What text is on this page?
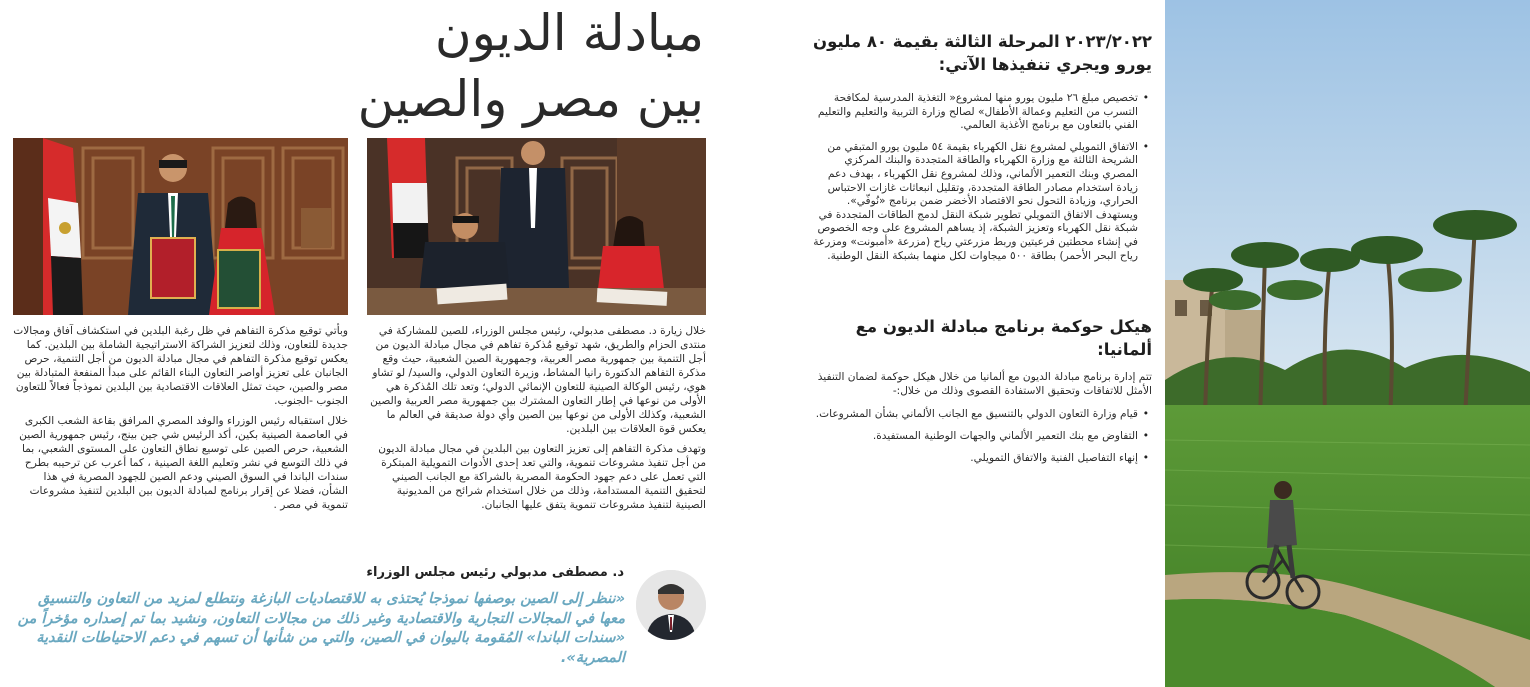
مبادلة الديون
بين مصر والصين

وبأتي توقيع مذكرة التفاهم في ظل رغبة البلدين في استكشاف آفاق ومجالات جديدة للتعاون، وذلك لتعزيز الشراكة الاستراتيجية الشاملة بين البلدين. كما يعكس توقيع مذكرة التفاهم في مجال مبادلة الديون من أجل التنمية، حرص الجانبان على تعزيز أواصر التعاون البناء القائم على مبدأ المنفعة المتبادلة بين مصر والصين، حيث تمثل العلاقات الاقتصادية بين البلدين نموذجاً فعالاً للتعاون الجنوب -الجنوب.

خلال استقباله رئيس الوزراء والوفد المصري المرافق بقاعة الشعب الكبرى في العاصمة الصينية بكين، أكد الرئيس شي جين بينج، رئيس جمهورية الصين الشعبية، حرص الصين على توسيع نطاق التعاون على المستوى الشعبي، بما في ذلك التوسع في نشر وتعليم اللغة الصينية ، كما أعرب عن ترحيبه بطرح سندات الباندا في السوق الصيني ودعم الصين للجهود المصرية في هذا الشأن، فضلا عن إقرار برنامج لمبادلة الديون بين البلدين لتنفيذ مشروعات تنموية في مصر .

خلال زيارة د. مصطفى مدبولي، رئيس مجلس الوزراء، للصين للمشاركة في منتدى الحزام والطريق، شهد توقيع مُذكرة تفاهم في مجال مبادلة الديون من أجل التنمية بين جمهورية مصر العربية، وجمهورية الصين الشعبية، حيث وقع مذكرة التفاهم الدكتورة رانيا المشاط، وزيرة التعاون الدولي، والسيد/ لو تشاو هوي، رئيس الوكالة الصينية للتعاون الإنمائي الدولي؛ وتعد تلك المُذكرة هي الأولى من نوعها في إطار التعاون المشترك بين جمهورية مصر العربية والصين الشعبية، وكذلك الأولى من نوعها بين الصين وأي دولة صديقة في العالم ما يعكس قوة العلاقات بين البلدين.

وتهدف مذكرة التفاهم إلى تعزيز التعاون بين البلدين في مجال مبادلة الديون من أجل تنفيذ مشروعات تنموية، والتي تعد إحدى الأدوات التمويلية المبتكرة التي تعمل على دعم جهود الحكومة المصرية بالشراكة مع الجانب الصيني لتحقيق التنمية المستدامة، وذلك من خلال استخدام شرائح من المديونية الصينية لتنفيذ مشروعات تنموية يتفق عليها الجانبان.

د. مصطفى مدبولي رئيس مجلس الوزراء
«ننظر إلى الصين بوصفها نموذجا يُحتذى به للاقتصاديات البازغة ونتطلع لمزيد من التعاون والتنسيق معها في المجالات التجارية والاقتصادية وغير ذلك من مجالات التعاون، ونشيد بما تم إصداره مؤخراً من «سندات الباندا» المُقومة باليوان في الصين، والتي من شأنها أن تسهم في دعم الاحتياطات النقدية المصرية».
٢٠٢٣/٢٠٢٢ المرحلة الثالثة بقيمة ٨٠ مليون يورو ويجري تنفيذها الآتي:
• تخصيص مبلغ ٢٦ مليون يورو منها لمشروع« التغذية المدرسية لمكافحة التسرب من التعليم وعمالة الأطفال» لصالح وزارة التربية والتعليم والتعليم الفني بالتعاون مع برنامج الأغذية العالمي.
• الاتفاق التمويلي لمشروع نقل الكهرباء بقيمة ٥٤ مليون يورو المتبقي من الشريحة الثالثة مع وزارة الكهرباء والطاقة المتجددة والبنك المركزي المصري وبنك التعمير الألماني، وذلك لمشروع نقل الكهرباء ، بهدف دعم زيادة استخدام مصادر الطاقة المتجددة، وتقليل انبعاثات غازات الاحتباس الحراري، وزيادة التحول نحو الاقتصاد الأخضر ضمن برنامج «نُوفّي». ويستهدف الاتفاق التمويلي تطوير شبكة النقل لدمج الطاقات المتجددة في شبكة نقل الكهرباء وتعزيز الشبكة، إذ يساهم المشروع على وجه الخصوص في إنشاء محطتين فرعيتين وربط مزرعتي رياح (مزرعة «أمبونت» ومزرعة رياح البحر الأحمر) بطاقة ٥٠٠ ميجاوات لكل منهما بشبكة النقل الوطنية.
هيكل حوكمة برنامج مبادلة الديون مع ألمانيا:

تتم إدارة برنامج مبادلة الديون مع ألمانيا من خلال هيكل حوكمة لضمان التنفيذ الأمثل للاتفاقات وتحقيق الاستفادة القصوى وذلك من خلال:-

• قيام وزارة التعاون الدولي بالتنسيق مع الجانب الألماني بشأن المشروعات.
• التفاوض مع بنك التعمير الألماني والجهات الوطنية المستفيدة.
• إنهاء التفاصيل الفنية والاتفاق التمويلي.
